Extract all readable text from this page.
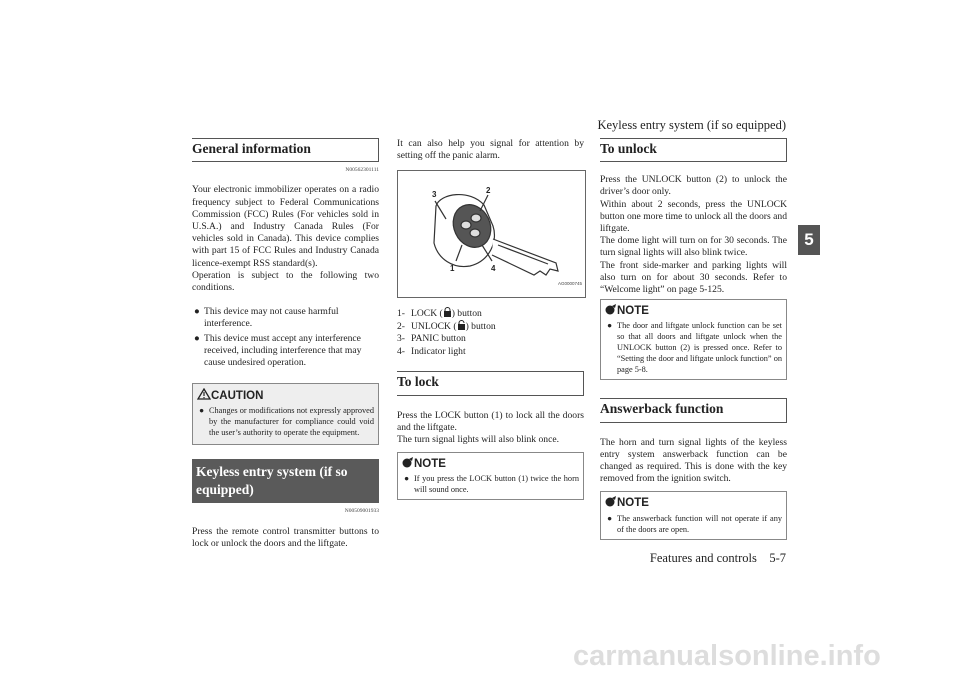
Keyless entry system (if so equipped)
5
General information
N00562301111

Your electronic immobilizer operates on a radio frequency subject to Federal Communications Commission (FCC) Rules (For vehicles sold in U.S.A.) and Industry Canada Rules (For vehicles sold in Canada). This device complies with part 15 of FCC Rules and Industry Canada licence-exempt RSS standard(s).

Operation is subject to the following two conditions.

● This device may not cause harmful interference.
● This device must accept any interference received, including interference that may cause undesired operation.
CAUTION
● Changes or modifications not expressly approved by the manufacturer for compliance could void the user’s authority to operate the equipment.
Keyless entry system (if so equipped)
N00509001933

Press the remote control transmitter buttons to lock or unlock the doors and the liftgate.

It can also help you signal for attention by setting off the panic alarm.

3	2
1	4
AG0000745
1- LOCK ( ) button
2- UNLOCK ( ) button
3- PANIC button
4- Indicator light
To lock

Press the LOCK button (1) to lock all the doors and the liftgate.

The turn signal lights will also blink once.

NOTE
● If you press the LOCK button (1) twice the horn will sound once.
To unlock

Press the UNLOCK button (2) to unlock the driver’s door only.

Within about 2 seconds, press the UNLOCK button one more time to unlock all the doors and liftgate.

The dome light will turn on for 30 seconds. The turn signal lights will also blink twice.

The front side-marker and parking lights will also turn on for about 30 seconds. Refer to “Welcome light” on page 5-125.

NOTE
● The door and liftgate unlock function can be set so that all doors and liftgate unlock when the UNLOCK button (2) is pressed once. Refer to “Setting the door and liftgate unlock function” on page 5-8.
Answerback function

The horn and turn signal lights of the keyless entry system answerback function can be changed as required. This is done with the key removed from the ignition switch.

NOTE
● The answerback function will not operate if any of the doors are open.
Features and controls    5-7
carmanualsonline.info
